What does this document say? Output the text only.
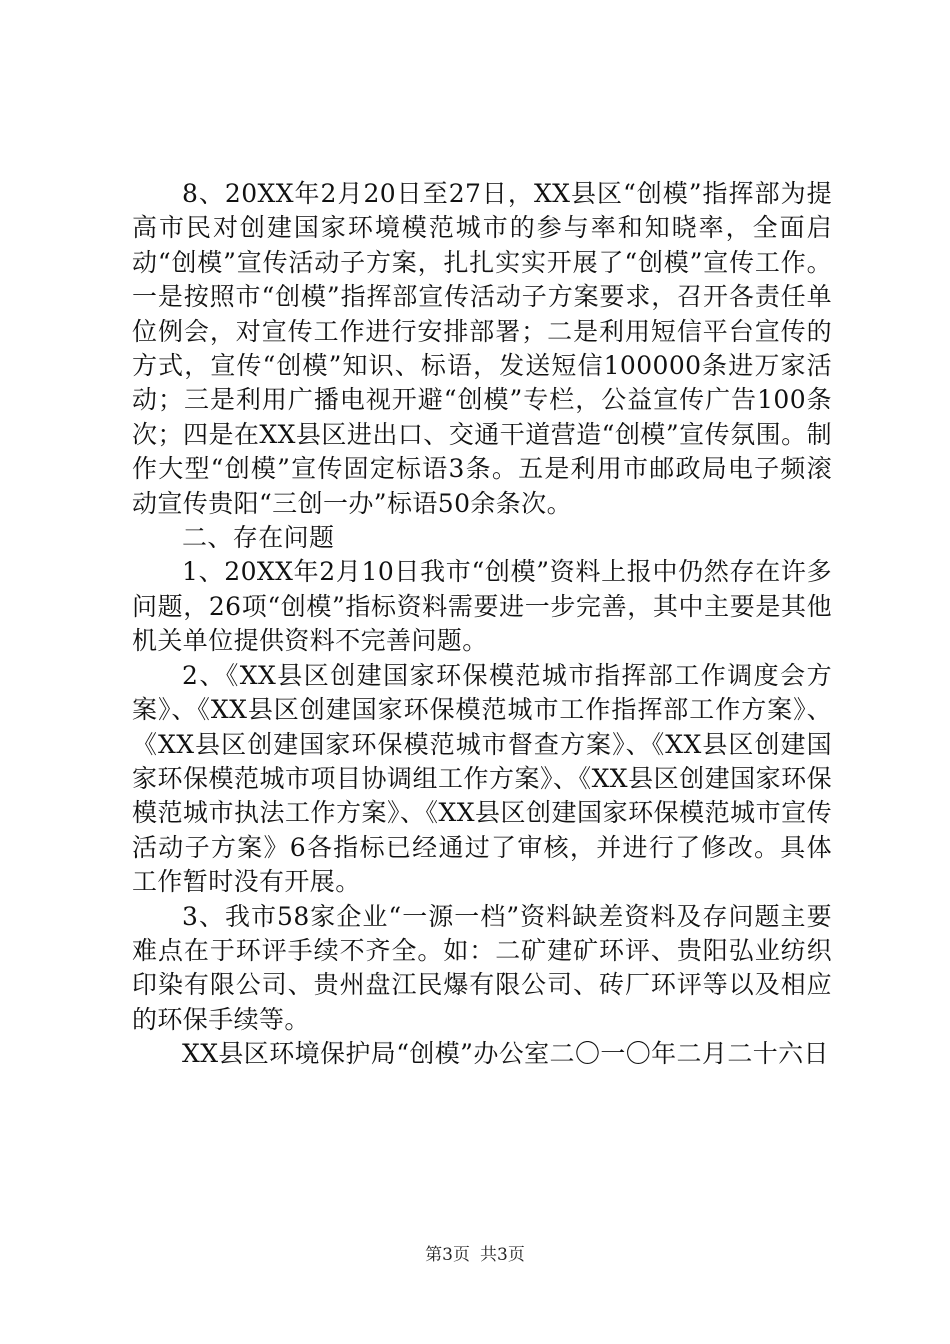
8、20XX年2月20日至27日，XX县区“创模”指挥部为提高市民对创建国家环境模范城市的参与率和知晓率，全面启动“创模”宣传活动子方案，扎扎实实开展了“创模”宣传工作。一是按照市“创模”指挥部宣传活动子方案要求，召开各责任单位例会，对宣传工作进行安排部署；二是利用短信平台宣传的方式，宣传“创模”知识、标语，发送短信100000条进万家活动；三是利用广播电视开避“创模”专栏，公益宣传广告100条次；四是在XX县区进出口、交通干道营造“创模”宣传氛围。制作大型“创模”宣传固定标语3条。五是利用市邮政局电子频滚动宣传贵阳“三创一办”标语50余条次。

二、存在问题

1、20XX年2月10日我市“创模”资料上报中仍然存在许多问题，26项“创模”指标资料需要进一步完善，其中主要是其他机关单位提供资料不完善问题。

2、《XX县区创建国家环保模范城市指挥部工作调度会方案》、《XX县区创建国家环保模范城市工作指挥部工作方案》、《XX县区创建国家环保模范城市督查方案》、《XX县区创建国家环保模范城市项目协调组工作方案》、《XX县区创建国家环保模范城市执法工作方案》、《XX县区创建国家环保模范城市宣传活动子方案》6各指标已经通过了审核，并进行了修改。具体工作暂时没有开展。

3、我市58家企业“一源一档”资料缺差资料及存问题主要难点在于环评手续不齐全。如：二矿建矿环评、贵阳弘业纺织印染有限公司、贵州盘江民爆有限公司、砖厂环评等以及相应的环保手续等。

XX县区环境保护局“创模”办公室二〇一〇年二月二十六日

第3页 共3页
